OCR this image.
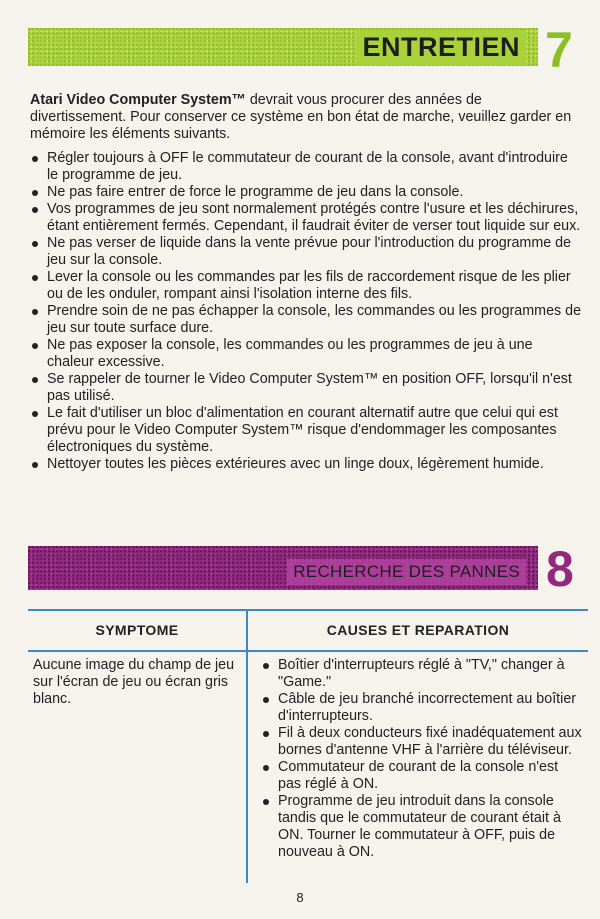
ENTRETIEN 7
Atari Video Computer System™ devrait vous procurer des années de divertissement. Pour conserver ce système en bon état de marche, veuillez garder en mémoire les éléments suivants.
Régler toujours à OFF le commutateur de courant de la console, avant d'introduire le programme de jeu.
Ne pas faire entrer de force le programme de jeu dans la console.
Vos programmes de jeu sont normalement protégés contre l'usure et les déchirures, étant entièrement fermés. Cependant, il faudrait éviter de verser tout liquide sur eux.
Ne pas verser de liquide dans la vente prévue pour l'introduction du programme de jeu sur la console.
Lever la console ou les commandes par les fils de raccordement risque de les plier ou de les onduler, rompant ainsi l'isolation interne des fils.
Prendre soin de ne pas échapper la console, les commandes ou les programmes de jeu sur toute surface dure.
Ne pas exposer la console, les commandes ou les programmes de jeu à une chaleur excessive.
Se rappeler de tourner le Video Computer System™ en position OFF, lorsqu'il n'est pas utilisé.
Le fait d'utiliser un bloc d'alimentation en courant alternatif autre que celui qui est prévu pour le Video Computer System™ risque d'endommager les composantes électroniques du système.
Nettoyer toutes les pièces extérieures avec un linge doux, légèrement humide.
RECHERCHE DES PANNES 8
SYMPTOME	CAUSES ET REPARATION
Aucune image du champ de jeu sur l'écran de jeu ou écran gris blanc.
Boîtier d'interrupteurs réglé à "TV," changer à "Game."
Câble de jeu branché incorrectement au boîtier d'interrupteurs.
Fil à deux conducteurs fixé inadéquatement aux bornes d'antenne VHF à l'arrière du téléviseur.
Commutateur de courant de la console n'est pas réglé à ON.
Programme de jeu introduit dans la console tandis que le commutateur de courant était à ON. Tourner le commutateur à OFF, puis de nouveau à ON.
8
